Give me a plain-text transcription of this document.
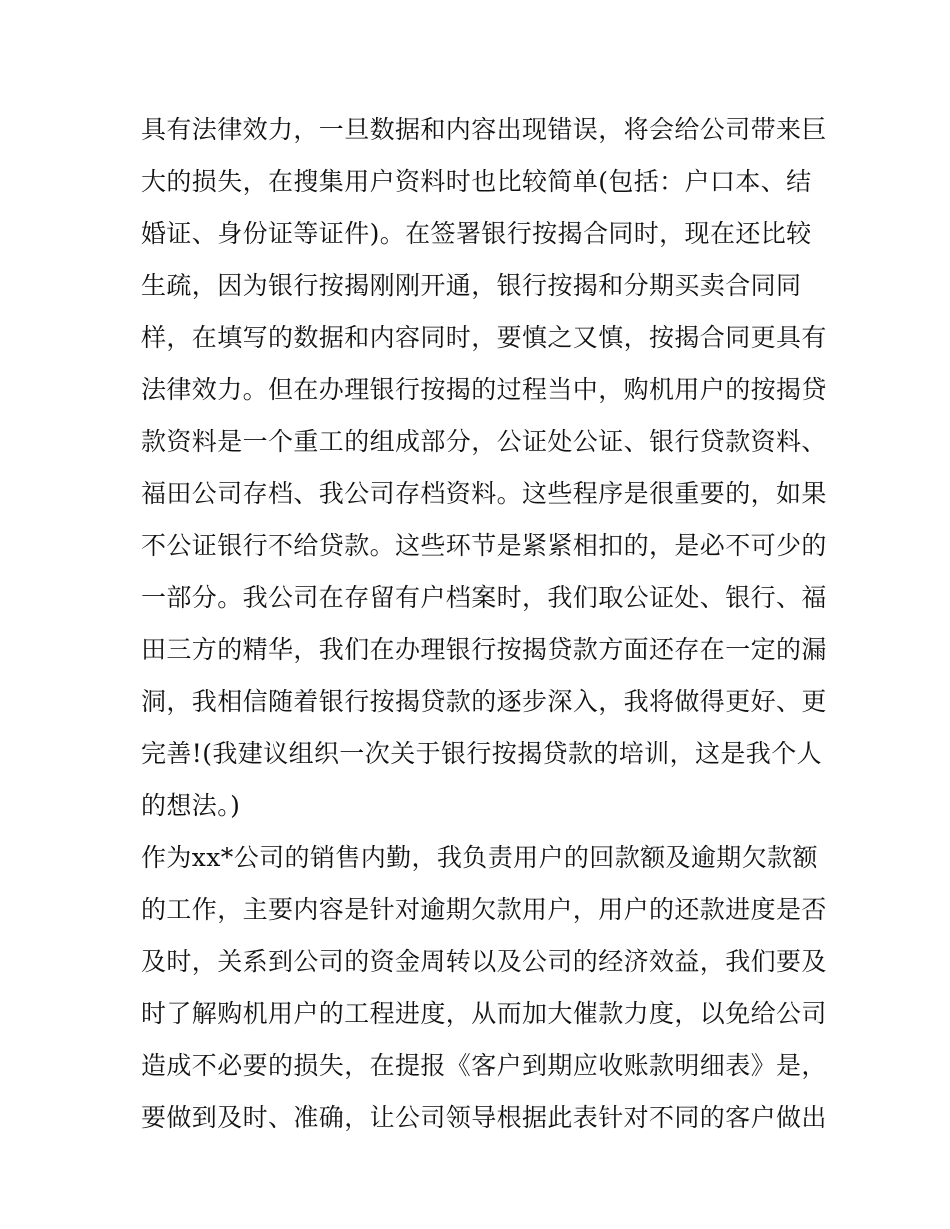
具有法律效力，一旦数据和内容出现错误，将会给公司带来巨
大的损失，在搜集用户资料时也比较简单(包括：户口本、结
婚证、身份证等证件)。在签署银行按揭合同时，现在还比较
生疏，因为银行按揭刚刚开通，银行按揭和分期买卖合同同
样，在填写的数据和内容同时，要慎之又慎，按揭合同更具有
法律效力。但在办理银行按揭的过程当中，购机用户的按揭贷
款资料是一个重工的组成部分，公证处公证、银行贷款资料、
福田公司存档、我公司存档资料。这些程序是很重要的，如果
不公证银行不给贷款。这些环节是紧紧相扣的，是必不可少的
一部分。我公司在存留有户档案时，我们取公证处、银行、福
田三方的精华，我们在办理银行按揭贷款方面还存在一定的漏
洞，我相信随着银行按揭贷款的逐步深入，我将做得更好、更
完善!(我建议组织一次关于银行按揭贷款的培训，这是我个人
的想法。)
作为xx*公司的销售内勤，我负责用户的回款额及逾期欠款额
的工作，主要内容是针对逾期欠款用户，用户的还款进度是否
及时，关系到公司的资金周转以及公司的经济效益，我们要及
时了解购机用户的工程进度，从而加大催款力度，以免给公司
造成不必要的损失，在提报《客户到期应收账款明细表》是，
要做到及时、准确，让公司领导根据此表针对不同的客户做出
